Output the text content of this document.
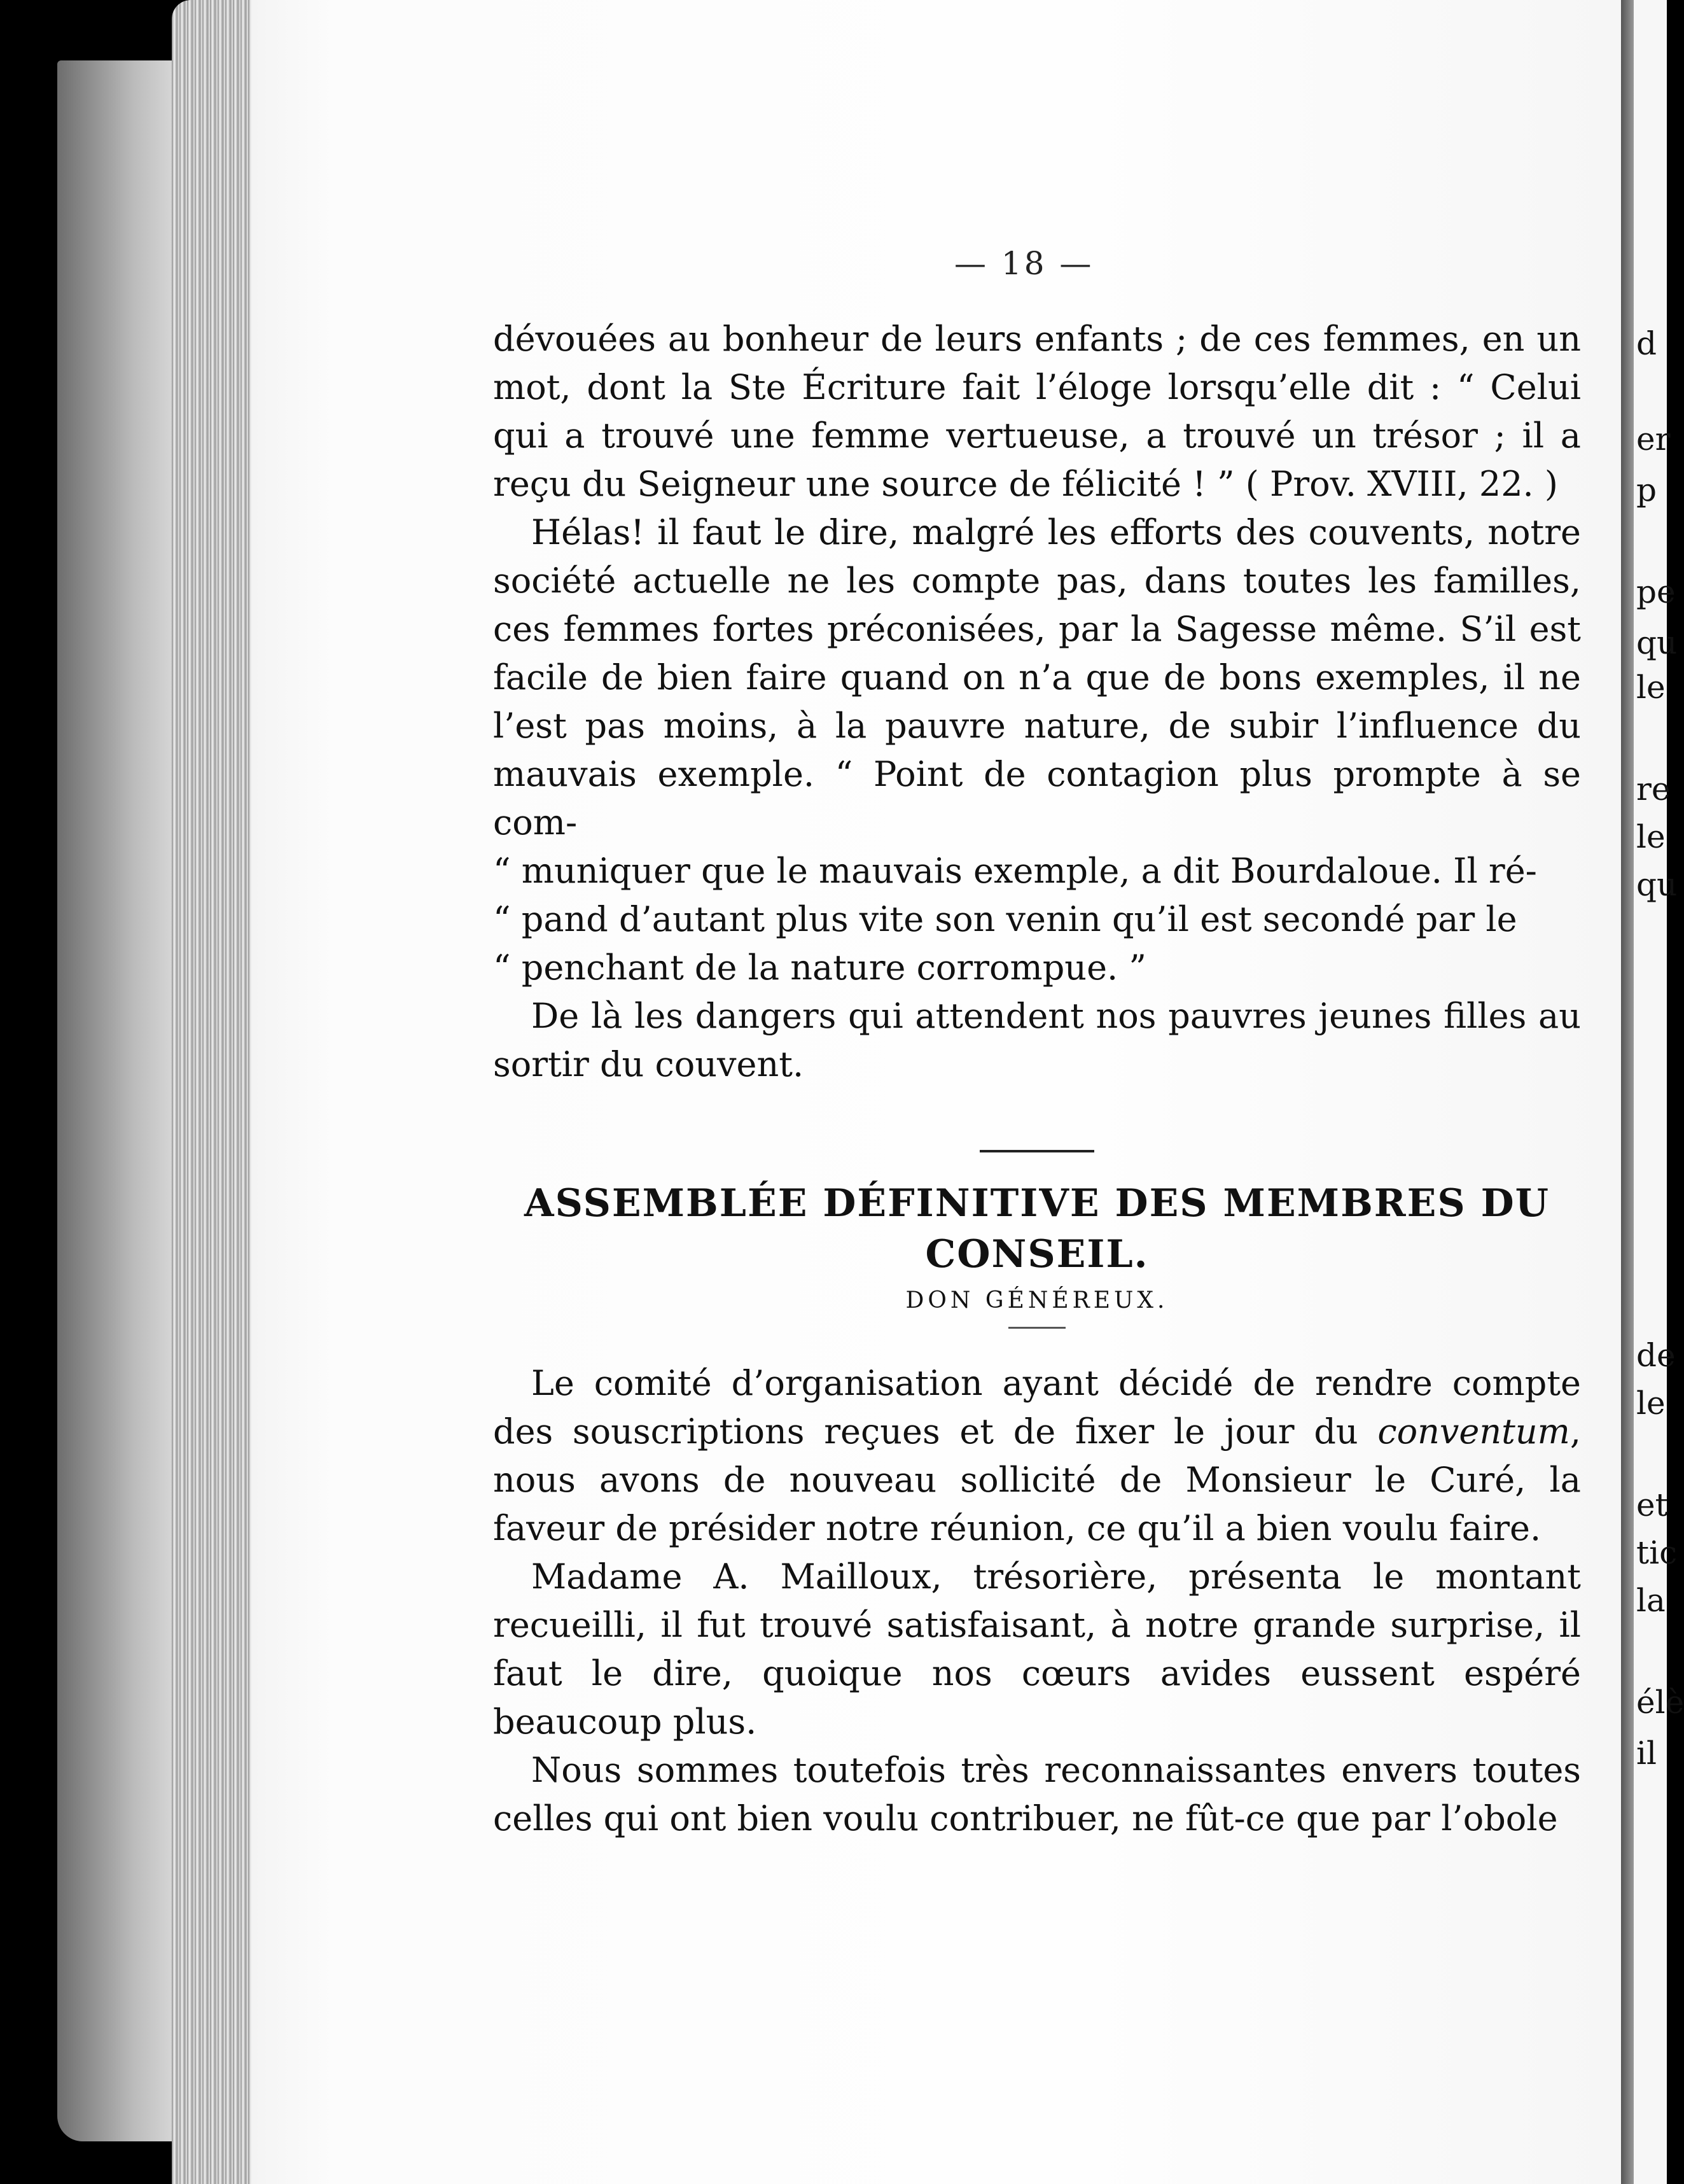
d
er
p
pe
qu
le
re
le
qu
de
le
et
tic
la
élè
il
— 18 —

dévouées au bonheur de leurs enfants ; de ces femmes, en un mot, dont la Ste Écriture fait l’éloge lorsqu’elle dit : “ Celui qui a trouvé une femme vertueuse, a trouvé un trésor ; il a reçu du Seigneur une source de félicité ! ” ( Prov. XVIII, 22. )

Hélas! il faut le dire, malgré les efforts des couvents, notre société actuelle ne les compte pas, dans toutes les familles, ces femmes fortes préconisées, par la Sagesse même. S’il est facile de bien faire quand on n’a que de bons exemples, il ne l’est pas moins, à la pauvre nature, de subir l’influence du mauvais exemple. “ Point de contagion plus prompte à se com-

“ muniquer que le mauvais exemple, a dit Bourdaloue. Il ré-

“ pand d’autant plus vite son venin qu’il est secondé par le

“ penchant de la nature corrompue. ”

De là les dangers qui attendent nos pauvres jeunes filles au sortir du couvent.

ASSEMBLÉE DÉFINITIVE DES MEMBRES DU CONSEIL.
DON GÉNÉREUX.

Le comité d’organisation ayant décidé de rendre compte des souscriptions reçues et de fixer le jour du conventum, nous avons de nouveau sollicité de Monsieur le Curé, la faveur de présider notre réunion, ce qu’il a bien voulu faire.

Madame A. Mailloux, trésorière, présenta le montant recueilli, il fut trouvé satisfaisant, à notre grande surprise, il faut le dire, quoique nos cœurs avides eussent espéré beaucoup plus.

Nous sommes toutefois très reconnaissantes envers toutes celles qui ont bien voulu contribuer, ne fût-ce que par l’obole
